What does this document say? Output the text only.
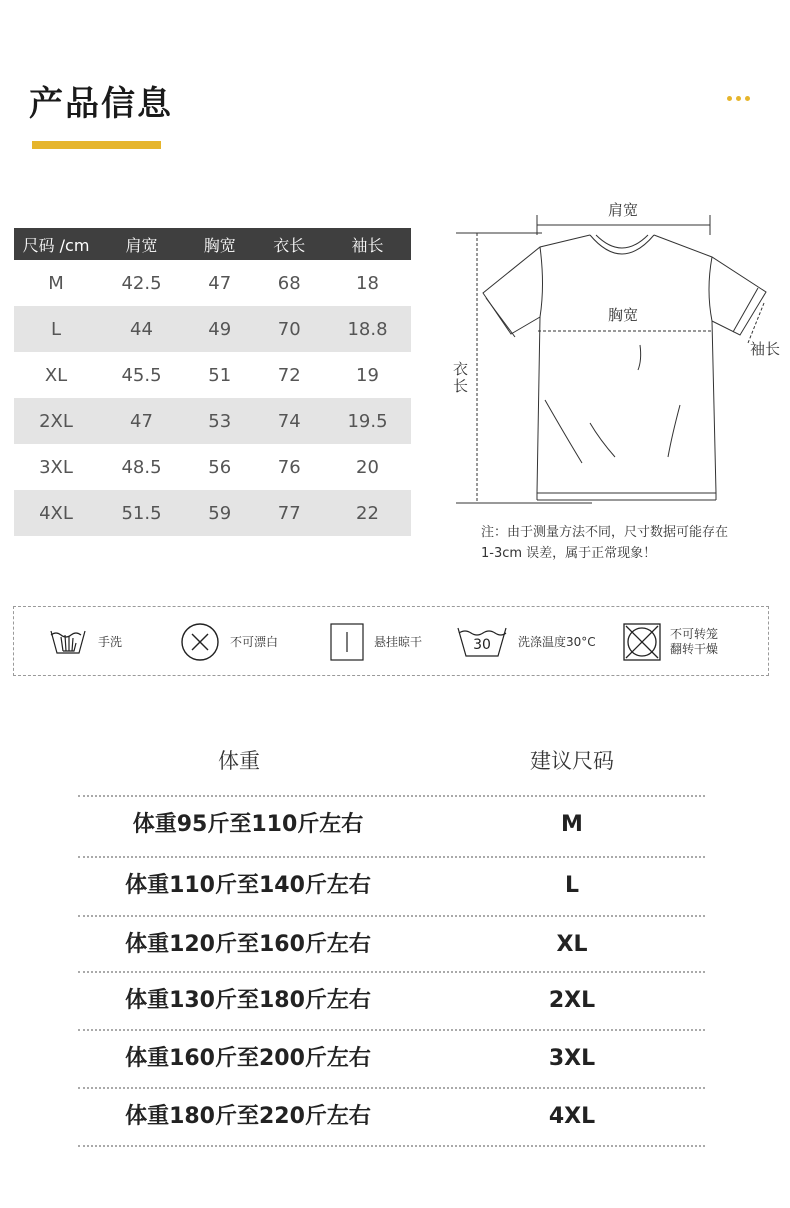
产品信息
尺码 /cm	肩宽	胸宽	衣长	袖长
M	42.5	47	68	18
L	44	49	70	18.8
XL	45.5	51	72	19
2XL	47	53	74	19.5
3XL	48.5	56	76	20
4XL	51.5	59	77	22
肩宽
胸宽
衣
长
袖长
注：由于测量方法不同，尺寸数据可能存在
1-3cm 误差，属于正常现象！
手洗	不可漂白	悬挂晾干	30	洗涤温度30°C
不可转笼
翻转干燥
体重	建议尺码
体重95斤至110斤左右	M
体重110斤至140斤左右	L
体重120斤至160斤左右	XL
体重130斤至180斤左右	2XL
体重160斤至200斤左右	3XL
体重180斤至220斤左右	4XL
